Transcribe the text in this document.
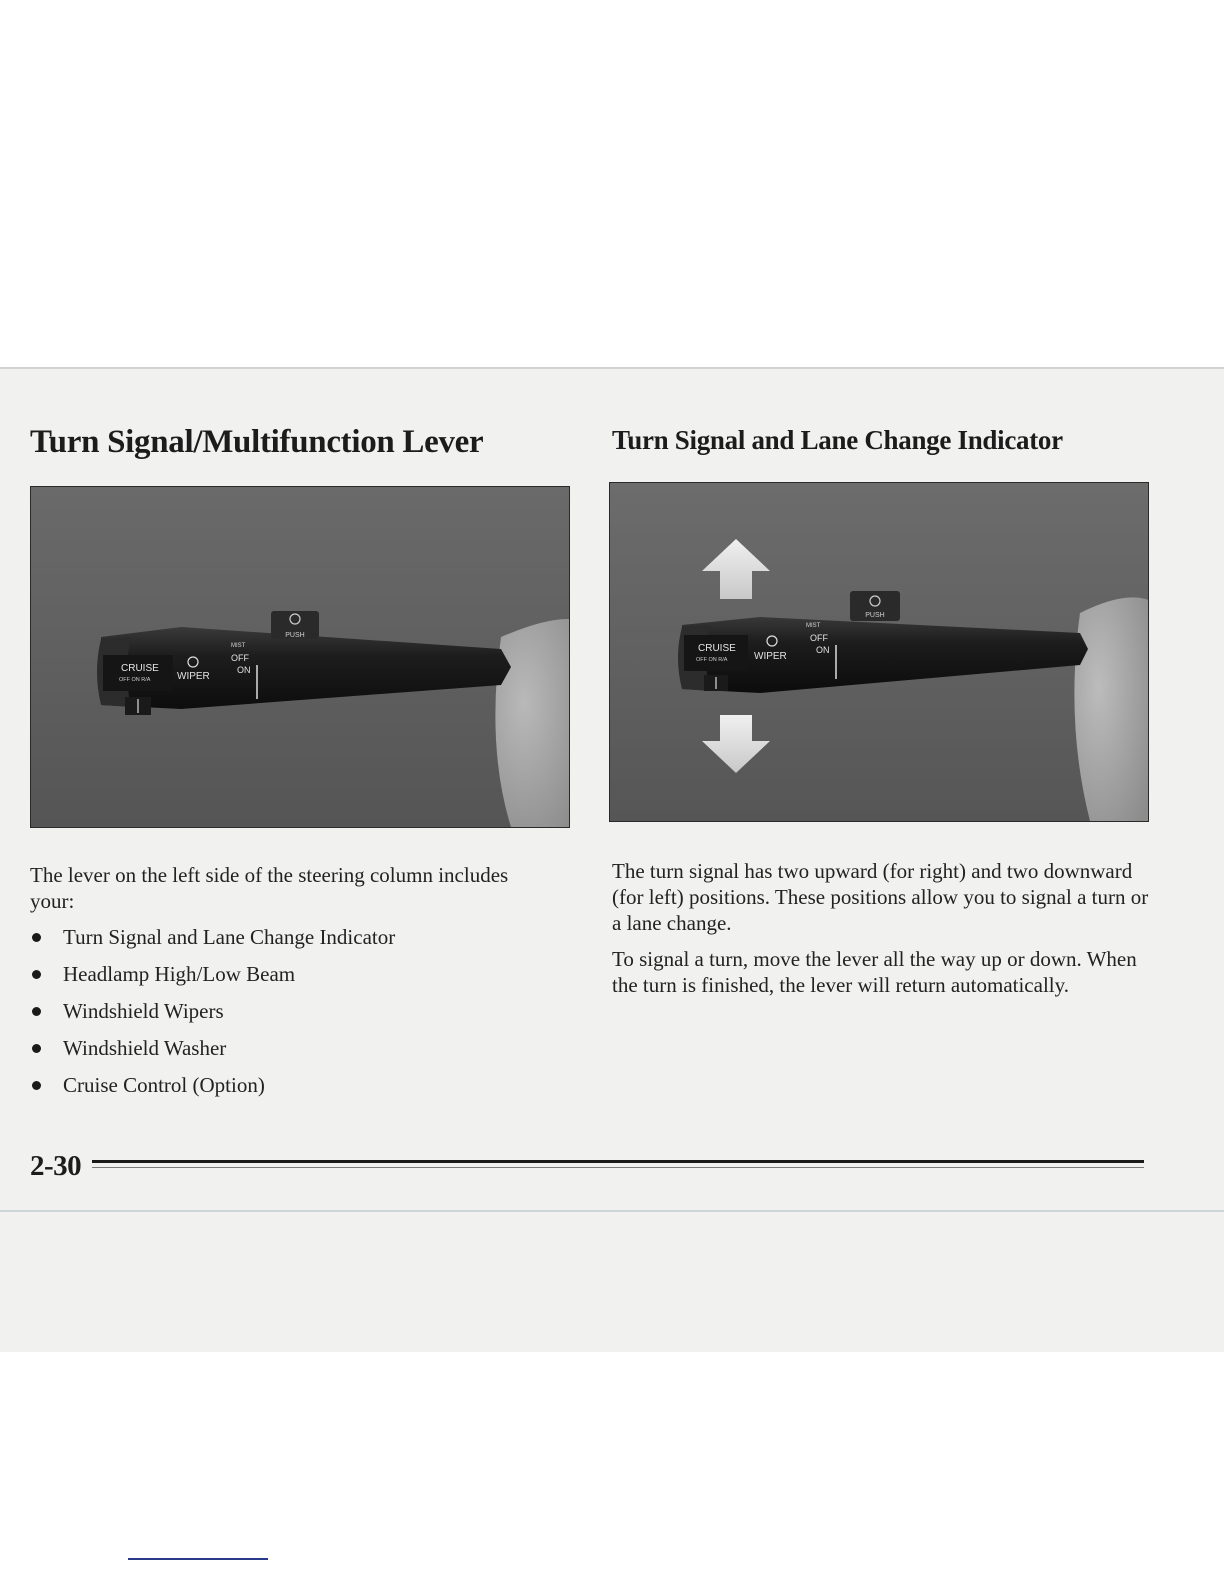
Turn Signal/Multifunction Lever
PUSH
CRUISE
OFF ON R/A	WIPER
MIST
OFF
ON

The lever on the left side of the steering column includes your:

Turn Signal and Lane Change Indicator
Headlamp High/Low Beam
Windshield Wipers
Windshield Washer
Cruise Control (Option)
Turn Signal and Lane Change Indicator
PUSH
CRUISE
OFF ON R/A	WIPER
MIST
OFF
ON

The turn signal has two upward (for right) and two downward (for left) positions. These positions allow you to signal a turn or a lane change.

To signal a turn, move the lever all the way up or down. When the turn is finished, the lever will return automatically.

2-30
